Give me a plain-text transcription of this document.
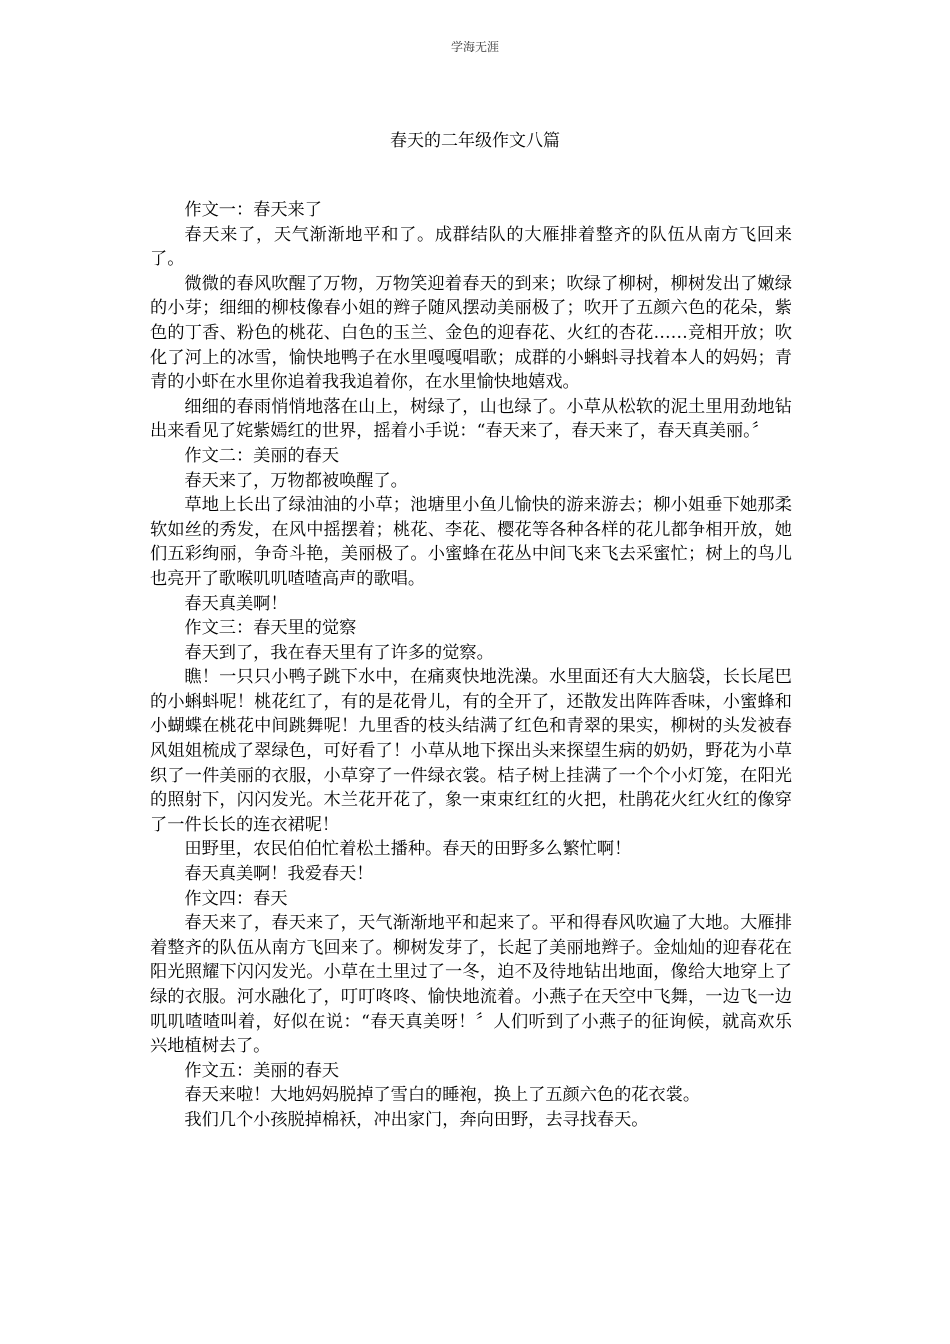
学海无涯
春天的二年级作文八篇

作文一：春天来了

春天来了，天气渐渐地平和了。成群结队的大雁排着整齐的队伍从南方飞回来了。

微微的春风吹醒了万物，万物笑迎着春天的到来；吹绿了柳树，柳树发出了嫩绿的小芽；细细的柳枝像春小姐的辫子随风摆动美丽极了；吹开了五颜六色的花朵，紫色的丁香、粉色的桃花、白色的玉兰、金色的迎春花、火红的杏花……竞相开放；吹化了河上的冰雪，愉快地鸭子在水里嘎嘎唱歌；成群的小蝌蚪寻找着本人的妈妈；青青的小虾在水里你追着我我追着你，在水里愉快地嬉戏。

细细的春雨悄悄地落在山上，树绿了，山也绿了。小草从松软的泥土里用劲地钻出来看见了姹紫嫣红的世界，摇着小手说：“春天来了，春天来了，春天真美丽。〞

作文二：美丽的春天

春天来了，万物都被唤醒了。

草地上长出了绿油油的小草；池塘里小鱼儿愉快的游来游去；柳小姐垂下她那柔软如丝的秀发，在风中摇摆着；桃花、李花、樱花等各种各样的花儿都争相开放，她们五彩绚丽，争奇斗艳，美丽极了。小蜜蜂在花丛中间飞来飞去采蜜忙；树上的鸟儿也亮开了歌喉叽叽喳喳高声的歌唱。

春天真美啊！

作文三：春天里的觉察

春天到了，我在春天里有了许多的觉察。

瞧！一只只小鸭子跳下水中，在痛爽快地洗澡。水里面还有大大脑袋，长长尾巴的小蝌蚪呢！桃花红了，有的是花骨儿，有的全开了，还散发出阵阵香味，小蜜蜂和小蝴蝶在桃花中间跳舞呢！九里香的枝头结满了红色和青翠的果实，柳树的头发被春风姐姐梳成了翠绿色，可好看了！小草从地下探出头来探望生病的奶奶，野花为小草织了一件美丽的衣服，小草穿了一件绿衣裳。桔子树上挂满了一个个小灯笼，在阳光的照射下，闪闪发光。木兰花开花了，象一束束红红的火把，杜鹃花火红火红的像穿了一件长长的连衣裙呢！

田野里，农民伯伯忙着松土播种。春天的田野多么繁忙啊！

春天真美啊！我爱春天！

作文四：春天

春天来了，春天来了，天气渐渐地平和起来了。平和得春风吹遍了大地。大雁排着整齐的队伍从南方飞回来了。柳树发芽了，长起了美丽地辫子。金灿灿的迎春花在阳光照耀下闪闪发光。小草在土里过了一冬，迫不及待地钻出地面，像给大地穿上了绿的衣服。河水融化了，叮叮咚咚、愉快地流着。小燕子在天空中飞舞，一边飞一边叽叽喳喳叫着，好似在说：“春天真美呀！〞人们听到了小燕子的征询候，就高欢乐兴地植树去了。

作文五：美丽的春天

春天来啦！大地妈妈脱掉了雪白的睡袍，换上了五颜六色的花衣裳。

我们几个小孩脱掉棉袄，冲出家门，奔向田野，去寻找春天。
